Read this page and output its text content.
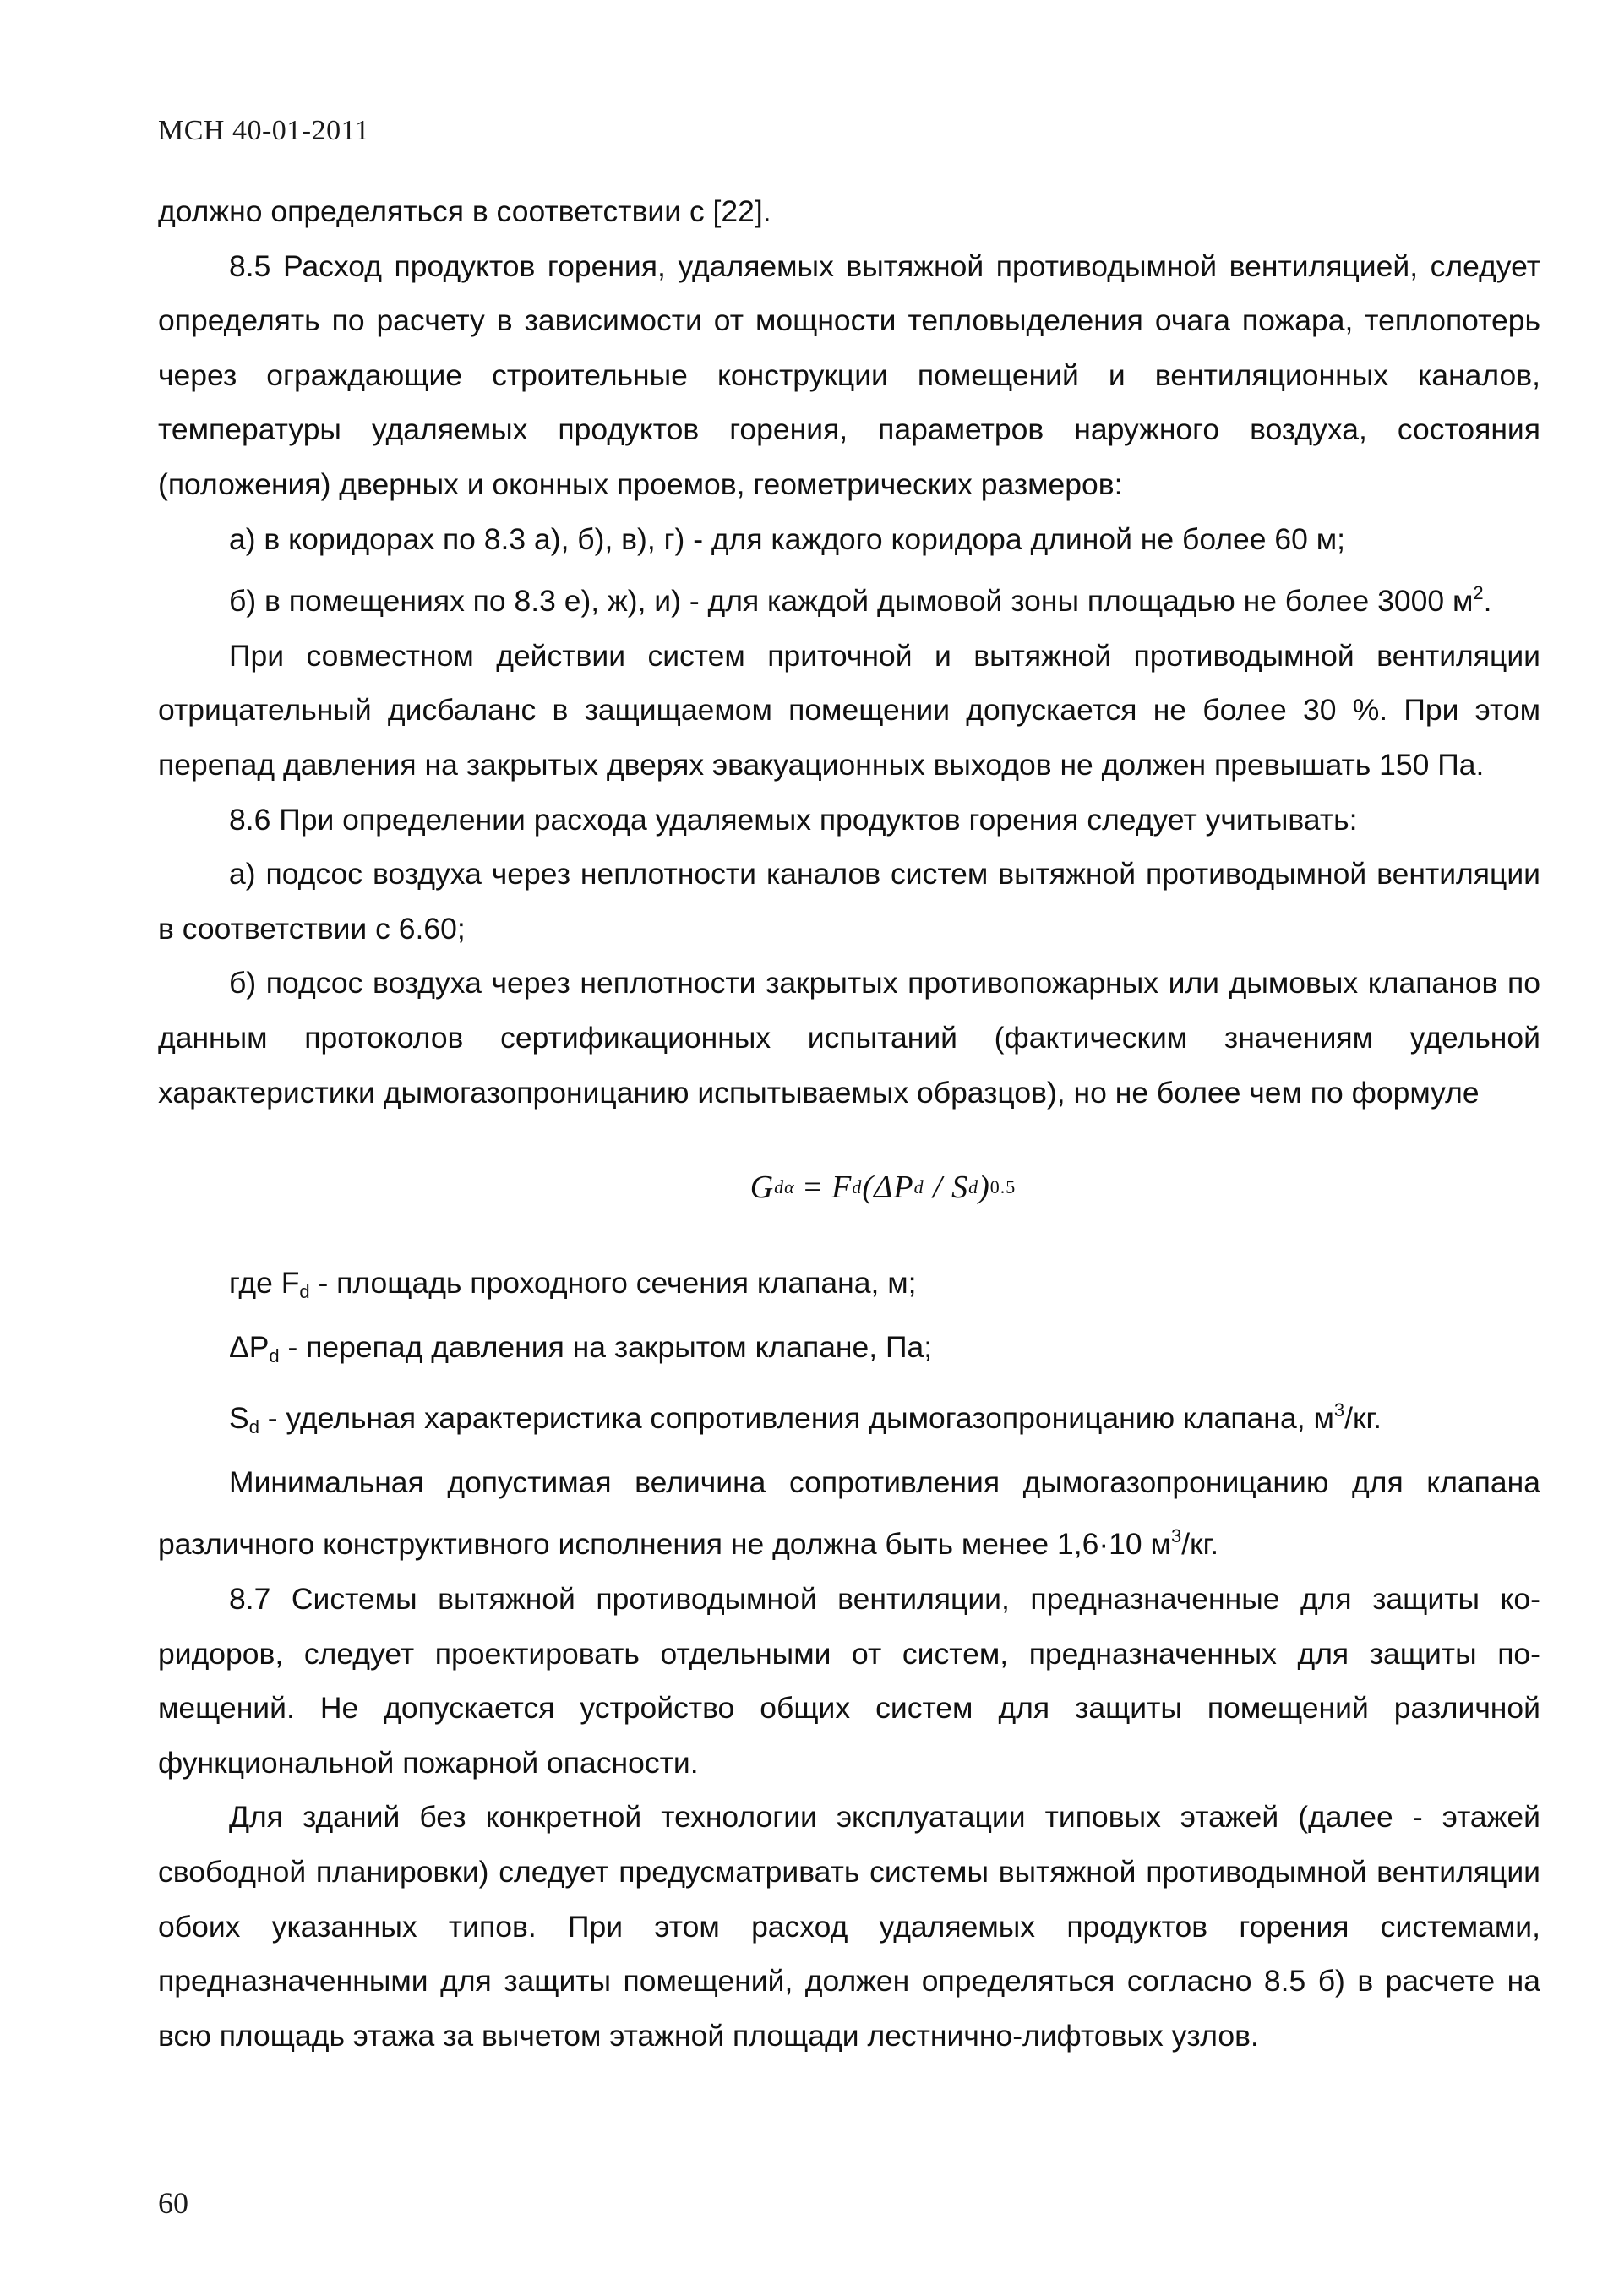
МСН 40-01-2011

должно определяться в соответствии с [22].

8.5 Расход продуктов горения, удаляемых вытяжной противодымной вентиляцией, следует определять по расчету в зависимости от мощности тепловыделения очага пожара, теплопотерь через ограждающие строительные конструкции помещений и вентиляционных каналов, температуры удаляемых продуктов горения, параметров наружного воздуха, состояния (положения) дверных и оконных проемов, геометрических размеров:

а) в коридорах по 8.3 а), б), в), г) - для каждого коридора длиной не более 60 м;

б) в помещениях по 8.3 е), ж), и) - для каждой дымовой зоны площадью не более 3000 $м^2$.

При совместном действии систем приточной и вытяжной противодымной вентиляции отрицательный дисбаланс в защищаемом помещении допускается не более 30 %. При этом перепад давления на закрытых дверях эвакуационных выходов не должен превышать 150 Па.

8.6 При определении расхода удаляемых продуктов горения следует учитывать:

а) подсос воздуха через неплотности каналов систем вытяжной противодымной вентиляции в соответствии с 6.60;

б) подсос воздуха через неплотности закрытых противопожарных или дымовых клапанов по данным протоколов сертификационных испытаний (фактическим значениям удельной характеристики дымогазопроницанию испытываемых образцов), но не более чем по формуле

G dα = F d (ΔP d / S d ) 0.5

где $F_d$ - площадь проходного сечения клапана, м;

$\Delta P_d$ - перепад давления на закрытом клапане, Па;

$S_d$ - удельная характеристика сопротивления дымогазопроницанию клапана, $м^3/кг$.

Минимальная допустимая величина сопротивления дымогазопроницанию для клапана различного конструктивного исполнения не должна быть менее 1,6·10 $м^3/кг$.

8.7 Системы вытяжной противодымной вентиляции, предназначенные для защиты коридоров, следует проектировать отдельными от систем, предназначенных для защиты помещений. Не допускается устройство общих систем для защиты помещений различной функциональной пожарной опасности.

Для зданий без конкретной технологии эксплуатации типовых этажей (далее - этажей свободной планировки) следует предусматривать системы вытяжной противодымной вентиляции обоих указанных типов. При этом расход удаляемых продуктов горения системами, предназначенными для защиты помещений, должен определяться согласно 8.5 б) в расчете на всю площадь этажа за вычетом этажной площади лестнично-лифтовых узлов.

60
